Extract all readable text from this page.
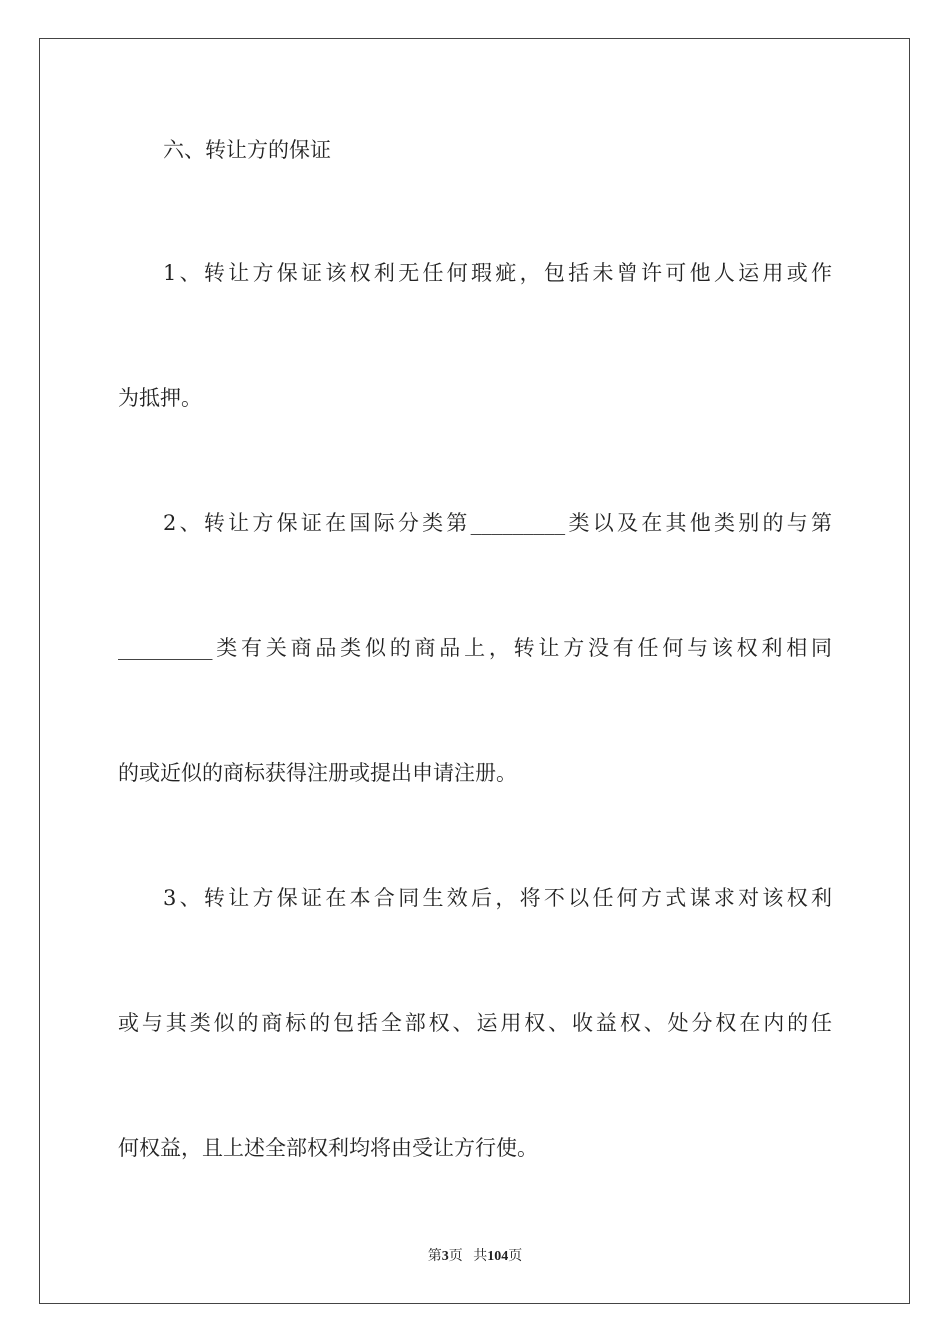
六、转让方的保证
1、转让方保证该权利无任何瑕疵，包括未曾许可他人运用或作
为抵押。
2、转让方保证在国际分类第_________类以及在其他类别的与第
_________类有关商品类似的商品上，转让方没有任何与该权利相同
的或近似的商标获得注册或提出申请注册。
3、转让方保证在本合同生效后，将不以任何方式谋求对该权利
或与其类似的商标的包括全部权、运用权、收益权、处分权在内的任
何权益，且上述全部权利均将由受让方行使。
第3页 共104页
